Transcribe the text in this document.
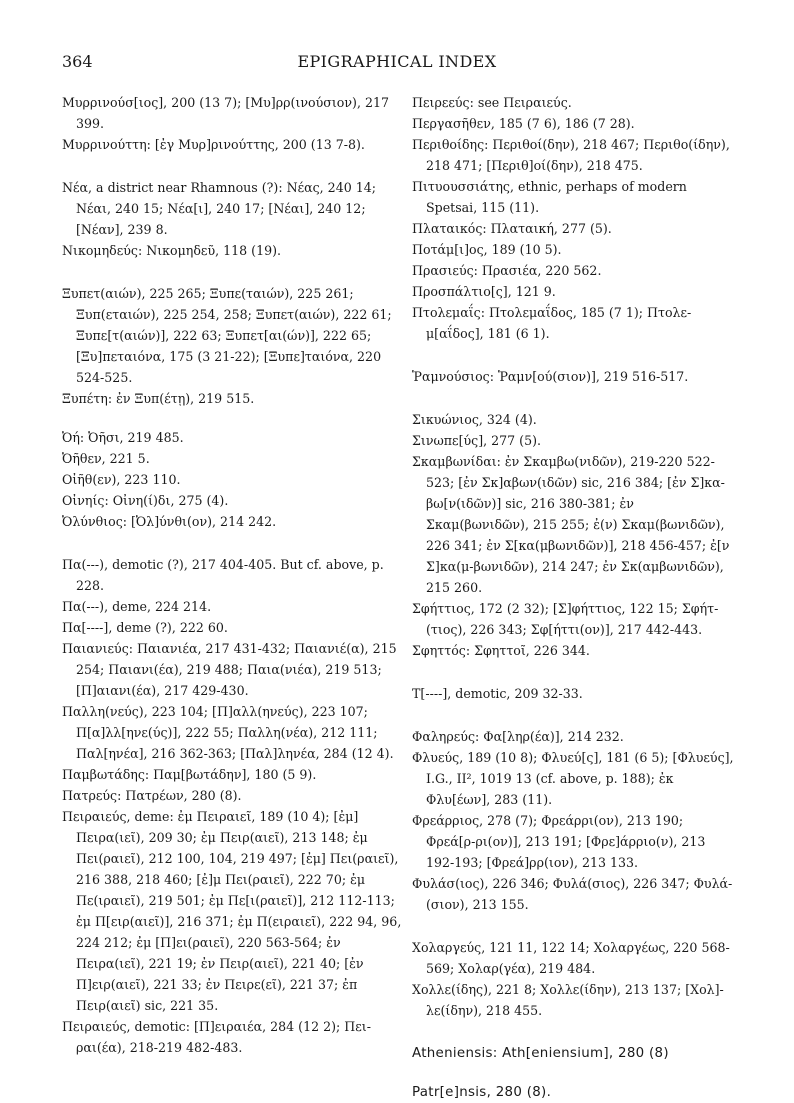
364	EPIGRAPHICAL INDEX
Μυρρινούσ[ιος], 200 (13 7); [Μυ]ρρ(ινούσιον), 217 399.
Μυρρινούττη: [ἐγ Μυρ]ρινούττης, 200 (13 7-8).
Νέα, a district near Rhamnous (?): Νέας, 240 14; Νέαι, 240 15; Νέα[ι], 240 17; [Νέαι], 240 12; [Νέαν], 239 8.
Νικομηδεύς: Νικομηδεῦ, 118 (19).
Ξυπετ(αιών), 225 265; Ξυπε(ταιών), 225 261; Ξυπ(εταιών), 225 254, 258; Ξυπετ(αιών), 222 61; Ξυπε[τ(αιών)], 222 63; Ξυπετ[αι(ών)], 222 65; [Ξυ]πεταιόνα, 175 (3 21-22); [Ξυπε]ταιόνα, 220 524-525.
Ξυπέτη: ἐν Ξυπ(έτῃ), 219 515.
Ὀή: Ὀῆσι, 219 485.
Ὀῆθεν, 221 5.
Οἰῆθ(εν), 223 110.
Οἰνηίς: Οἰνη(ί)δι, 275 (4).
Ὀλύνθιος: [Ὀλ]ύνθι(ον), 214 242.
Πα(---), demotic (?), 217 404-405. But cf. above, p. 228.
Πα(---), deme, 224 214.
Πα[----], deme (?), 222 60.
Παιανιεύς: Παιανιέα, 217 431-432; Παιανιέ(α), 215 254; Παιανι(έα), 219 488; Παια(νιέα), 219 513; [Π]αιανι(έα), 217 429-430.
Παλλη(νεύς), 223 104; [Π]αλλ(ηνεύς), 223 107; Π[α]λλ[ηνε(ύς)], 222 55; Παλλη(νέα), 212 111; Παλ[ηνέα], 216 362-363; [Παλ]ληνέα, 284 (12 4).
Παμβωτάδης: Παμ[βωτάδην], 180 (5 9).
Πατρεύς: Πατρέων, 280 (8).
Πειραιεύς, deme: ἐμ Πειραιεῖ, 189 (10 4); [ἐμ] Πειρα(ιεῖ), 209 30; ἐμ Πειρ(αιεῖ), 213 148; ἐμ Πει(ραιεῖ), 212 100, 104, 219 497; [ἐμ] Πει(ραιεῖ), 216 388, 218 460; [ἐ]μ Πει(ραιεῖ), 222 70; ἐμ Πε(ιραιεῖ), 219 501; ἐμ Πε[ι(ραιεῖ)], 212 112-113; ἐμ Π[ειρ(αιεῖ)], 216 371; ἐμ Π(ειραιεῖ), 222 94, 96, 224 212; ἐμ [Π]ει(ραιεῖ), 220 563-564; ἐν Πειρα(ιεῖ), 221 19; ἐν Πειρ(αιεῖ), 221 40; [ἐν Π]ειρ(αιεῖ), 221 33; ἐν Πειρε(εῖ), 221 37; ἐπ Πειρ(αιεῖ) sic, 221 35.
Πειραιεύς, demotic: [Π]ειραιέα, 284 (12 2); Πει-ραι(έα), 218-219 482-483.
Πειρεεύς: see Πειραιεύς.
Περγασῆθεν, 185 (7 6), 186 (7 28).
Περιθοίδης: Περιθοί(δην), 218 467; Περιθο(ίδην), 218 471; [Περιθ]οί(δην), 218 475.
Πιτυουσσιάτης, ethnic, perhaps of modern Spetsai, 115 (11).
Πλαταικός: Πλαταική, 277 (5).
Ποτάμ[ι]ος, 189 (10 5).
Πρασιεύς: Πρασιέα, 220 562.
Προσπάλτιο[ς], 121 9.
Πτολεμαΐς: Πτολεμαΐδος, 185 (7 1); Πτολε-μ[αΐδος], 181 (6 1).
Ῥαμνούσιος: Ῥαμν[ού(σιον)], 219 516-517.
Σικυώνιος, 324 (4).
Σινωπε[ύς], 277 (5).
Σκαμβωνίδαι: ἐν Σκαμβω(νιδῶν), 219-220 522-523; [ἐν Σκ]αβων(ιδῶν) sic, 216 384; [ἐν Σ]κα-βω[ν(ιδῶν)] sic, 216 380-381; ἐν Σκαμ(βωνιδῶν), 215 255; ἐ(ν) Σκαμ(βωνιδῶν), 226 341; ἐν Σ[κα(μβωνιδῶν)], 218 456-457; ἐ[ν Σ]κα(μ-βωνιδῶν), 214 247; ἐν Σκ(αμβωνιδῶν), 215 260.
Σφήττιος, 172 (2 32); [Σ]φήττιος, 122 15; Σφήτ-(τιος), 226 343; Σφ[ήττι(ον)], 217 442-443.
Σφηττός: Σφηττοῖ, 226 344.
Τ[----], demotic, 209 32-33.
Φαληρεύς: Φα[ληρ(έα)], 214 232.
Φλυεύς, 189 (10 8); Φλυεύ[ς], 181 (6 5); [Φλυεύς], I.G., II², 1019 13 (cf. above, p. 188); ἐκ Φλυ[έων], 283 (11).
Φρεάρριος, 278 (7); Φρεάρρι(ον), 213 190; Φρεά[ρ-ρι(ον)], 213 191; [Φρε]άρριο(ν), 213 192-193; [Φρεά]ρρ(ιον), 213 133.
Φυλάσ(ιος), 226 346; Φυλά(σιος), 226 347; Φυλά-(σιον), 213 155.
Χολαργεύς, 121 11, 122 14; Χολαργέως, 220 568-569; Χολαρ(γέα), 219 484.
Χολλε(ίδης), 221 8; Χολλε(ίδην), 213 137; [Χολ]-λε(ίδην), 218 455.
Atheniensis: Ath[eniensium], 280 (8)
Patr[e]nsis, 280 (8).
